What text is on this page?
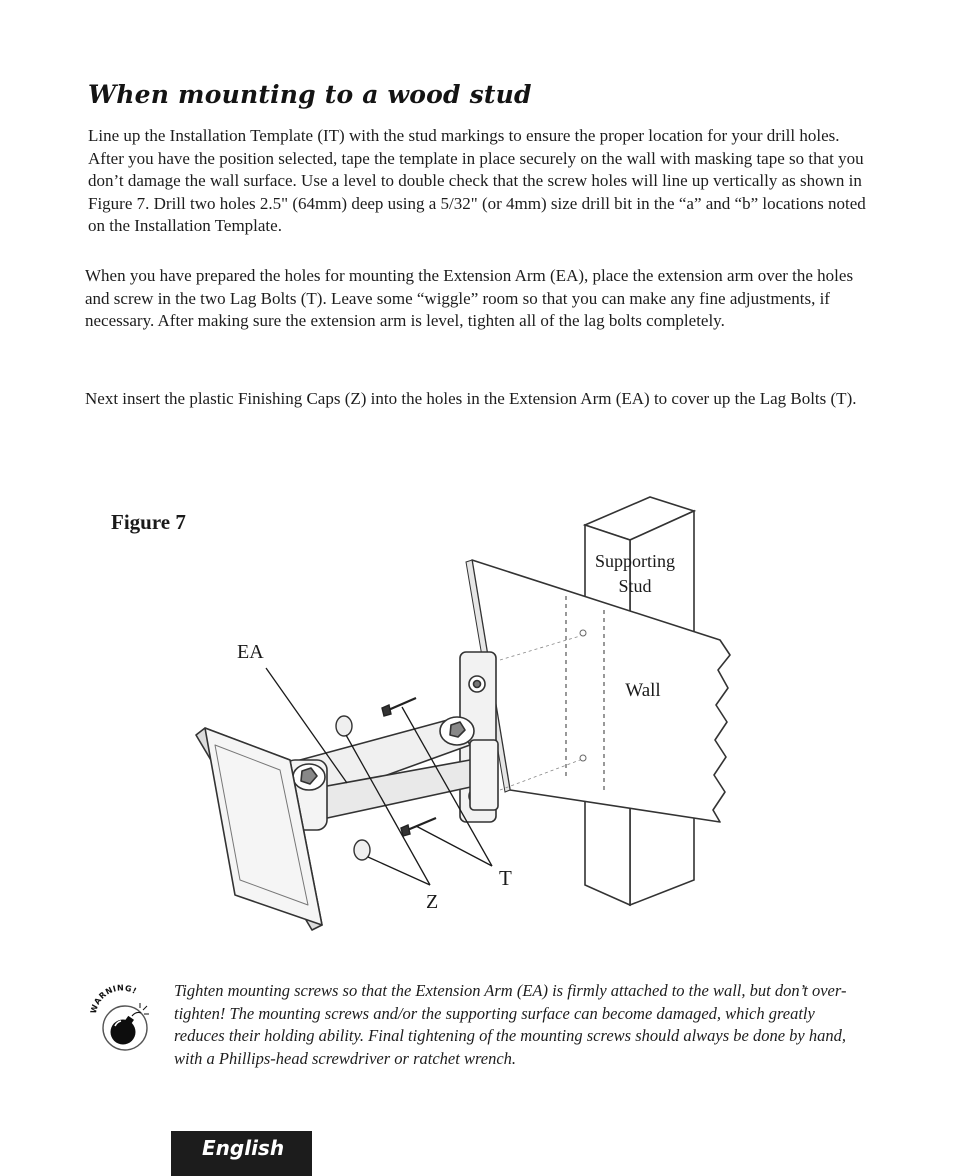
When mounting to a wood stud

Line up the Installation Template (IT) with the stud markings to ensure the proper location for your drill holes. After you have the position selected, tape the template in place securely on the wall with masking tape so that you don’t damage the wall surface. Use a level to double check that the screw holes will line up vertically as shown in Figure 7. Drill two holes 2.5" (64mm) deep using a 5/32" (or 4mm) size drill bit in the “a” and “b” locations noted on the Installation Template.

When you have prepared the holes for mounting the Extension Arm (EA), place the extension arm over the holes and screw in the two Lag Bolts (T). Leave some “wiggle” room so that you can make any fine adjustments, if necessary. After making sure the extension arm is level, tighten all of the lag bolts completely.

Next insert the plastic Finishing Caps (Z) into the holes in the Extension Arm (EA) to cover up the Lag Bolts (T).

Figure 7
Supporting
Stud
Wall
EA
T
Z
WARNING! Tighten mounting screws so that the Extension Arm (EA) is firmly attached to the wall, but don’t over-tighten! The mounting screws and/or the supporting surface can become damaged, which greatly reduces their holding ability. Final tightening of the mounting screws should always be done by hand, with a Phillips-head screwdriver or ratchet wrench.

English
